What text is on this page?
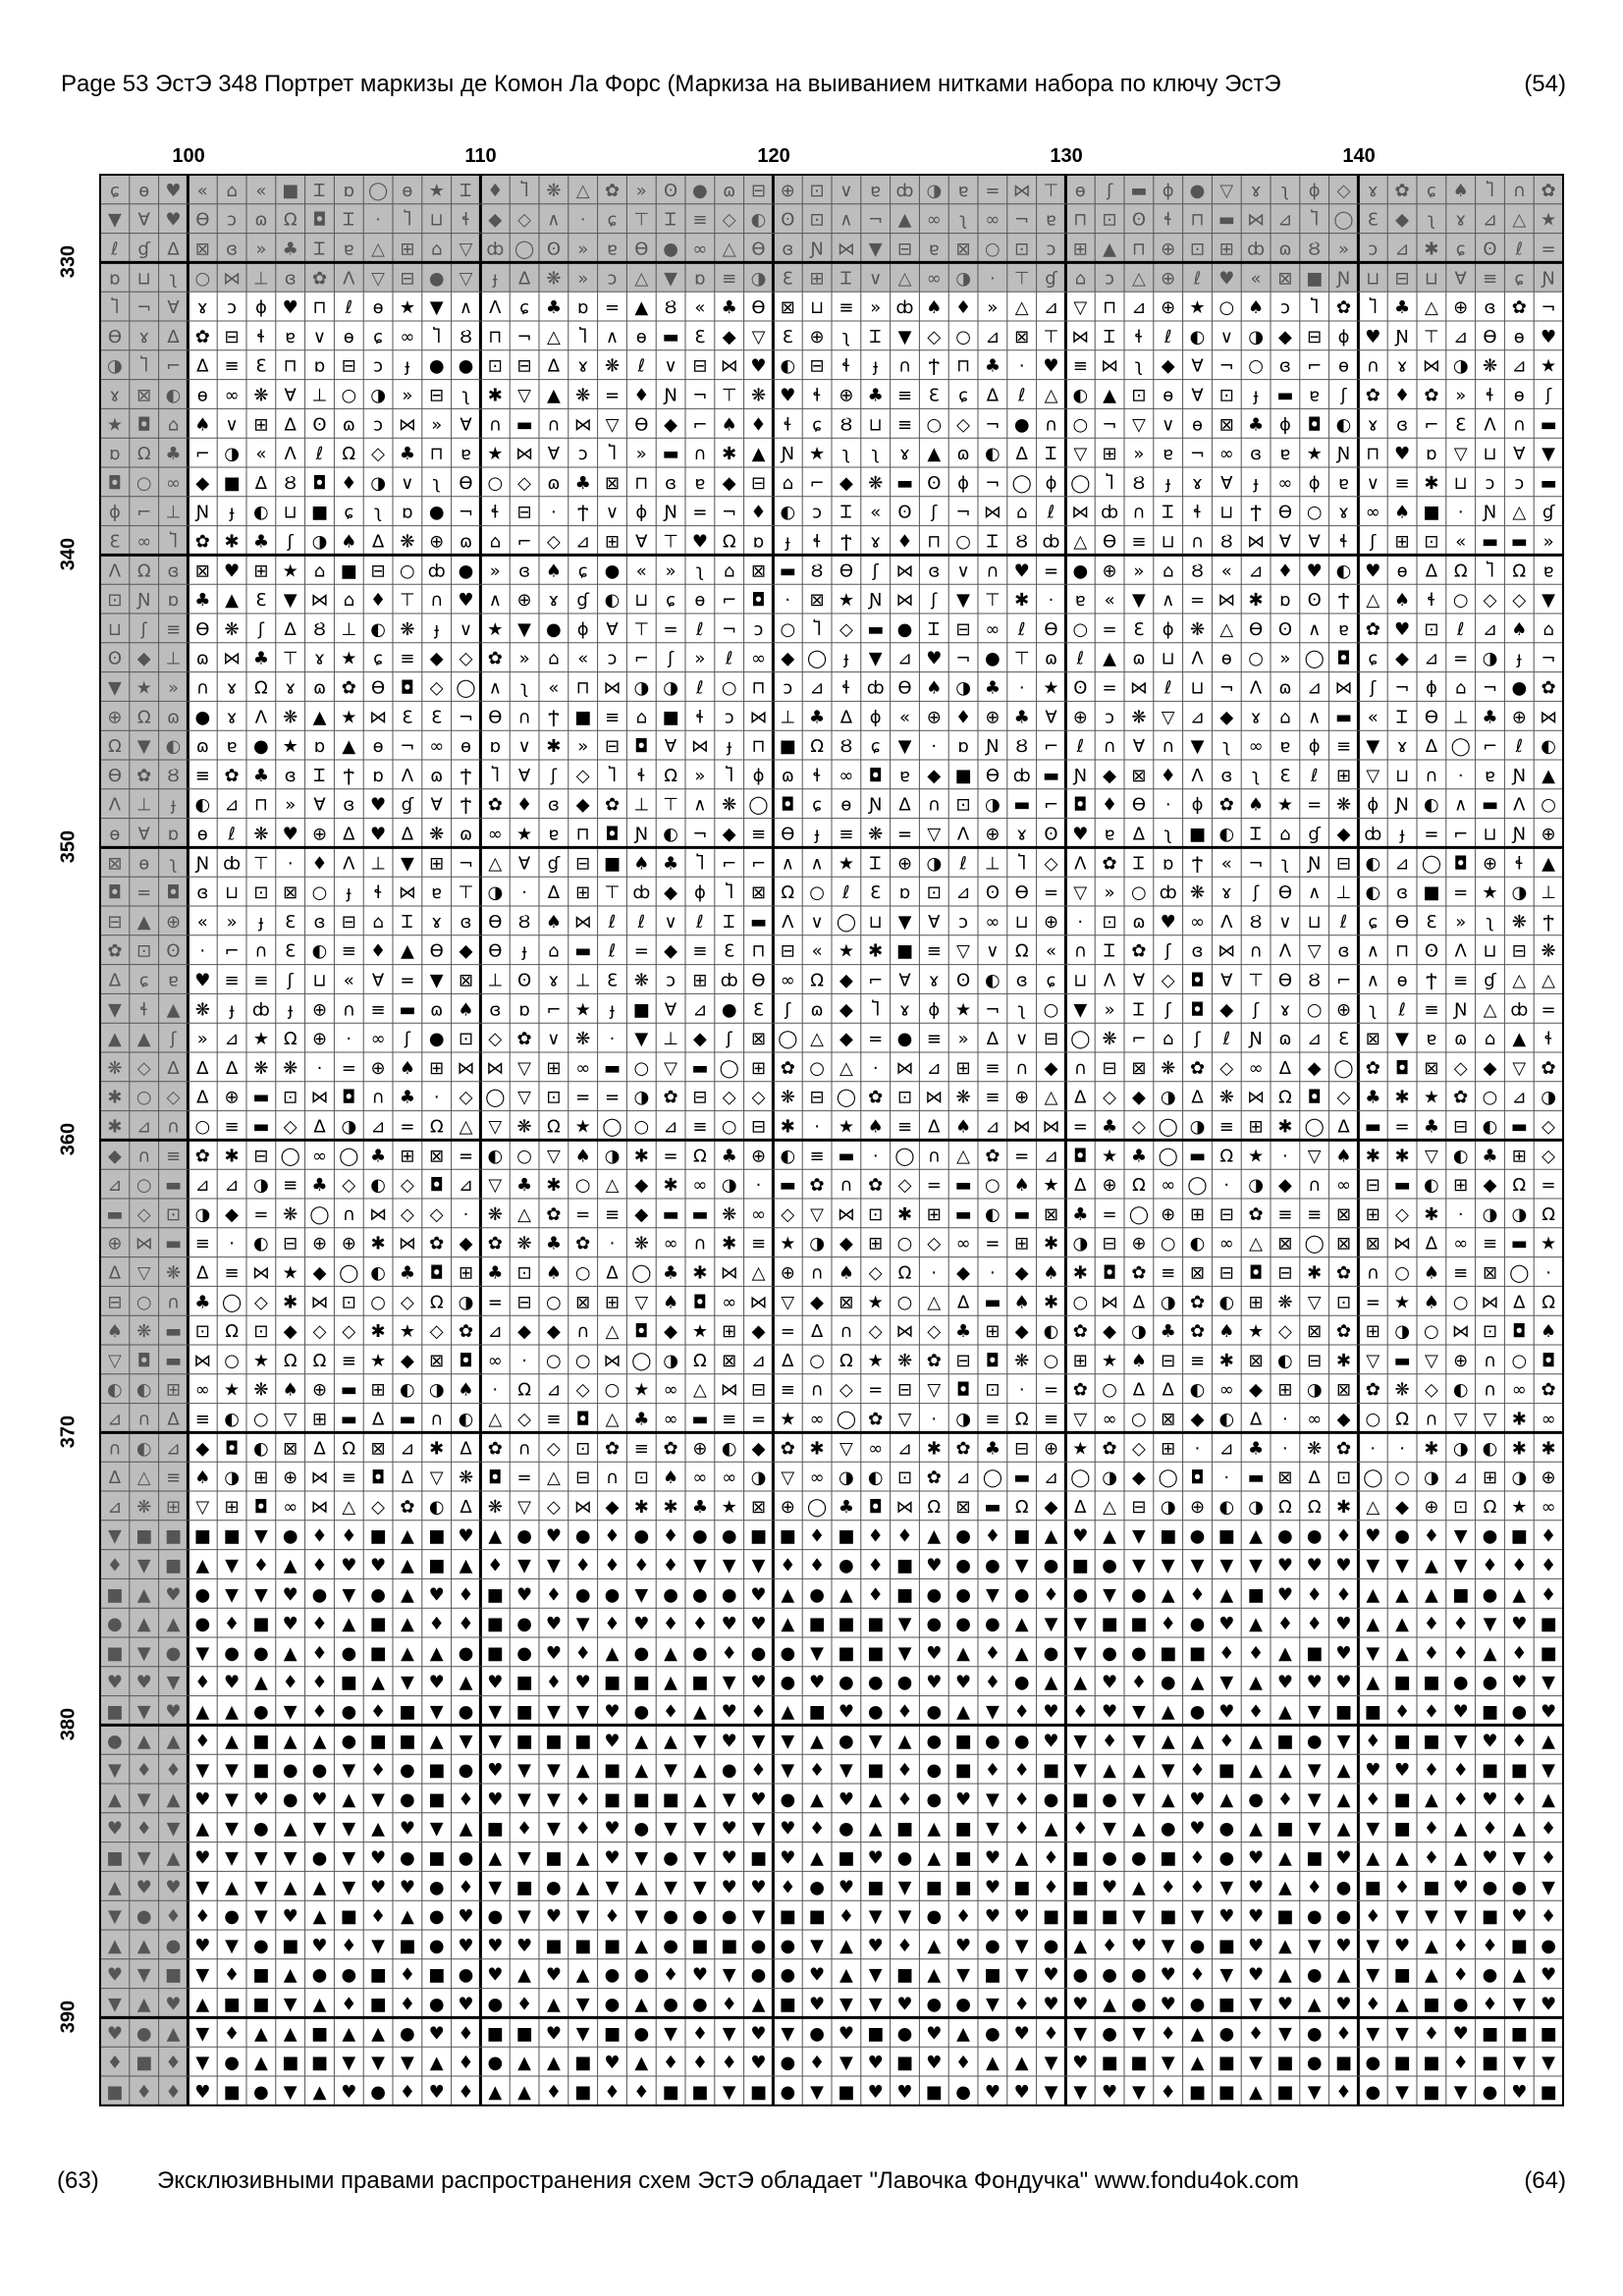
Page 53 ЭстЭ 348 Портрет маркизы де Комон Ла Форс (Маркиза на выиванием нитками набора по ключу ЭстЭ	(54)
100	110	120	130	140
330
340
350
360
370
380
390
ɕ ɵ ♥ « ⌂ « ■ Ꮖ ɒ ◯ ɵ ★ Ꮖ ♦ Ⴈ ❋ △ ✿ » ʘ ● ɷ ⊟ ⊕ ⊡ ∨ ɐ ȸ ◑ ɐ = ⋈ ⊤ ɵ ʃ ▬ ϕ ● ▽ ɤ ʅ ϕ ◇ ɤ ✿ ɕ ♠ Ⴈ ∩ ✿
▼ Ɐ ♥ Ɵ ɔ ɷ Ω ◘ Ꮖ · Ⴈ ⊔ ɬ ◆ ◇ ∧ · ɕ ⊤ Ꮖ ≡ ◇ ◐ ʘ ⊡ ∧ ¬ ▲ ∞ ʅ ∞ ¬ ɐ ⊓ ⊡ ʘ ɬ ⊓ ▬ ⋈ ⊿ Ⴈ ◯ Ɛ ◆ ʅ ɤ ⊿ △ ★
ℓ ɠ ∆ ⊠ ɞ » ♣ Ꮖ ɐ △ ⊞ ⌂ ▽ ȸ ◯ ʘ » ɐ Ɵ ● ∞ △ Ɵ ɞ Ɲ ⋈ ▼ ⊟ ɐ ⊠ ○ ⊡ ɔ ⊞ ▲ ⊓ ⊕ ⊡ ⊞ ȸ ɷ Ȣ » ɔ ⊿ ✱ ɕ ʘ ℓ =
ɒ ⊔ ʅ ○ ⋈ ⊥ ɞ ✿ Ʌ ▽ ⊟ ● ▽ ɟ ∆ ❋ » ɔ △ ▼ ɒ ≡ ◑ Ɛ ⊞ Ꮖ ∨ △ ∞ ◑ · ⊤ ɠ ⌂ ɔ △ ⊕ ℓ ♥ « ⊠ ■ Ɲ ⊔ ⊟ ⊔ Ɐ ≡ ɕ Ɲ
Ⴈ ¬ Ɐ ɤ ɔ ϕ ♥ ⊓ ℓ ɵ ★ ▼ ∧ Ʌ ɕ ♣ ɒ = ▲ Ȣ « ♣ Ɵ ⊠ ⊔ ≡ » ȸ ♠ ♦ » △ ⊿ ▽ ⊓ ⊿ ⊕ ★ ○ ♠ ɔ Ⴈ ✿ Ⴈ ♣ △ ⊕ ɞ ✿ ¬
Ɵ ɤ ∆ ✿ ⊟ ɬ ɐ ∨ ɵ ɕ ∞ Ⴈ Ȣ ⊓ ¬ △ Ⴈ ∧ ɵ ▬ Ɛ ◆ ▽ Ɛ ⊕ ʅ Ꮖ ▼ ◇ ○ ⊿ ⊠ ⊤ ⋈ Ꮖ ɬ ℓ ◐ ∨ ◑ ◆ ⊟ ϕ ♥ Ɲ ⊤ ⊿ Ɵ ɵ ♥
◑ Ⴈ ⌐ ∆ ≡ Ɛ ⊓ ɒ ⊟ ɔ ɟ ● ● ⊡ ⊟ ∆ ɤ ❋ ℓ ∨ ⊟ ⋈ ♥ ◐ ⊟ ɬ ɟ ∩ Ϯ ⊓ ♣ · ♥ ≡ ⋈ ʅ ◆ Ɐ ¬ ○ ɞ ⌐ ɵ ∩ ɤ ⋈ ◑ ❋ ⊿ ★
ɤ ⊠ ◐ ɵ ∞ ❋ Ɐ ⊥ ○ ◑ » ⊟ ʅ ✱ ▽ ▲ ❋ = ♦ Ɲ ¬ ⊤ ❋ ♥ ɬ ⊕ ♣ ≡ Ɛ ɕ ∆ ℓ △ ◐ ▲ ⊡ ɵ Ɐ ⊡ ɟ ▬ ɐ ʃ ✿ ♦ ✿ » ɬ ɵ ʃ
★ ◘ ⌂ ♠ ∨ ⊞ ∆ ʘ ɷ ɔ ⋈ » Ɐ ∩ ▬ ∩ ⋈ ▽ Ɵ ◆ ⌐ ♠ ♦ ɬ ɕ Ȣ ⊔ ≡ ○ ◇ ¬ ● ∩ ○ ¬ ▽ ∨ ɵ ⊠ ♣ ϕ ◘ ◐ ɤ ɞ ⌐ Ɛ Ʌ ∩ ▬
ɒ Ω ♣ ⌐ ◑ « Ʌ ℓ Ω ◇ ♣ ⊓ ɐ ★ ⋈ Ɐ ɔ Ⴈ » ▬ ∩ ✱ ▲ Ɲ ★ ʅ ʅ ɤ ▲ ɷ ◐ ∆ Ꮖ ▽ ⊞ » ɐ ¬ ∞ ɞ ɐ ★ Ɲ ⊓ ♥ ɒ ▽ ⊔ Ɐ ▼
◘ ○ ∞ ◆ ■ ∆ Ȣ ◘ ♦ ◑ ∨ ʅ Ɵ ○ ◇ ɷ ♣ ⊠ ⊓ ɞ ɐ ◆ ⊟ ⌂ ⌐ ◆ ❋ ▬ ʘ ϕ ¬ ◯ ϕ ◯ Ⴈ Ȣ ɟ ɤ Ɐ ɟ ∞ ϕ ɐ ∨ ≡ ✱ ⊔ ɔ ɔ ▬
ϕ ⌐ ⊥ Ɲ ɟ ◐ ⊔ ■ ɕ ʅ ɒ ● ¬ ɬ ⊟ · Ϯ ∨ ϕ Ɲ = ¬ ♦ ◐ ɔ Ꮖ « ʘ ʃ ¬ ⋈ ⌂ ℓ ⋈ ȸ ∩ Ꮖ ɬ ⊔ Ϯ Ɵ ○ ɤ ∞ ♠ ■ · Ɲ △ ɠ
Ɛ ∞ Ⴈ ✿ ✱ ♣ ʃ ◑ ♠ ∆ ❋ ⊕ ɷ ⌂ ⌐ ◇ ⊿ ⊞ Ɐ ⊤ ♥ Ω ɒ ɟ ɬ Ϯ ɤ ♦ ⊓ ○ Ꮖ Ȣ ȸ △ Ɵ ≡ ⊔ ∩ Ȣ ⋈ Ɐ Ɐ ɬ ʃ ⊞ ⊡ « ▬ ▬ »
Ʌ Ω ɞ ⊠ ♥ ⊞ ★ ⌂ ■ ⊟ ○ ȸ ● » ɞ ♠ ɕ ● « » ʅ ⌂ ⊠ ▬ Ȣ Ɵ ʃ ⋈ ɞ ∨ ∩ ♥ = ● ⊕ » ⌂ Ȣ « ⊿ ♦ ♥ ◐ ♥ ɵ ∆ Ω Ⴈ Ω ɐ
⊡ Ɲ ɒ ♣ ▲ Ɛ ▼ ⋈ ⌂ ♦ ⊤ ∩ ♥ ∧ ⊕ ɤ ɠ ◐ ⊔ ɕ ɵ ⌐ ◘ · ⊠ ★ Ɲ ⋈ ʃ ▼ ⊤ ✱ · ɐ « ▼ ∧ = ⋈ ✱ ɒ ʘ Ϯ △ ♠ ɬ ○ ◇ ◇ ▼
⊔ ʃ ≡ Ɵ ❋ ʃ ∆ Ȣ ⊥ ◐ ❋ ɟ ∨ ★ ▼ ● ϕ Ɐ ⊤ = ℓ ¬ ɔ ○ Ⴈ ◇ ▬ ● Ꮖ ⊟ ∞ ℓ Ɵ ○ = Ɛ ϕ ❋ △ Ɵ ʘ ∧ ɐ ✿ ♥ ⊡ ℓ ⊿ ♠ ⌂
ʘ ◆ ⊥ ɷ ⋈ ♣ ⊤ ɤ ★ ɕ ≡ ◆ ◇ ✿ » ⌂ « ɔ ⌐ ʃ » ℓ ∞ ◆ ◯ ɟ ▼ ⊿ ♥ ¬ ● ⊤ ɷ ℓ ▲ ɷ ⊔ Ʌ ɵ ○ » ◯ ◘ ɕ ◆ ⊿ = ◑ ɟ ¬
▼ ★ » ∩ ɤ Ω ɤ ɷ ✿ Ɵ ◘ ◇ ◯ ∧ ʅ « ⊓ ⋈ ◑ ◑ ℓ ○ ⊓ ɔ ⊿ ɬ ȸ Ɵ ♠ ◑ ♣ · ★ ʘ = ⋈ ℓ ⊔ ¬ Ʌ ɷ ⊿ ⋈ ʃ ¬ ϕ ⌂ ¬ ● ✿
⊕ Ω ɷ ● ɤ Ʌ ❋ ▲ ★ ⋈ Ɛ Ɛ ¬ Ɵ ∩ Ϯ ■ ≡ ⌂ ■ ɬ ɔ ⋈ ⊥ ♣ ∆ ϕ « ⊕ ♦ ⊕ ♣ Ɐ ⊕ ɔ ❋ ▽ ⊿ ◆ ɤ ⌂ ∧ ▬ « Ꮖ Ɵ ⊥ ♣ ⊕ ⋈
Ω ▼ ◐ ɷ ɐ ● ★ ɒ ▲ ɵ ¬ ∞ ɵ ɒ ∨ ✱ » ⊟ ◘ Ɐ ⋈ ɟ ⊓ ■ Ω Ȣ ɕ ▼ · ɒ Ɲ Ȣ ⌐ ℓ ∩ Ɐ ∩ ▼ ʅ ∞ ɐ ϕ ≡ ▼ ɤ ∆ ◯ ⌐ ℓ ◐
Ɵ ✿ Ȣ ≡ ✿ ♣ ɞ Ꮖ Ϯ ɒ Ʌ ɷ Ϯ Ⴈ Ɐ ʃ ◇ Ⴈ ɬ Ω » Ⴈ ϕ ɷ ɬ ∞ ◘ ɐ ◆ ■ Ɵ ȸ ▬ Ɲ ◆ ⊠ ♦ Ʌ ɞ ʅ Ɛ ℓ ⊞ ▽ ⊔ ∩ · ɐ Ɲ ▲
Ʌ ⊥ ɟ ◐ ⊿ ⊓ » Ɐ ɞ ♥ ɠ Ɐ Ϯ ✿ ♦ ɞ ◆ ✿ ⊥ ⊤ ∧ ❋ ◯ ◘ ɕ ɵ Ɲ ∆ ∩ ⊡ ◑ ▬ ⌐ ◘ ♦ Ɵ · ϕ ✿ ♠ ★ = ❋ ϕ Ɲ ◐ ∧ ▬ Ʌ ○
ɵ Ɐ ɒ ɵ ℓ ❋ ♥ ⊕ ∆ ♥ ∆ ❋ ɷ ∞ ★ ɐ ⊓ ◘ Ɲ ◐ ¬ ◆ ≡ Ɵ ɟ ≡ ❋ = ▽ Ʌ ⊕ ɤ ʘ ♥ ɐ ∆ ʅ ■ ◐ Ꮖ ⌂ ɠ ◆ ȸ ɟ = ⌐ ⊔ Ɲ ⊕
⊠ ɵ ʅ Ɲ ȸ ⊤ · ♦ Ʌ ⊥ ▼ ⊞ ¬ △ Ɐ ɠ ⊟ ■ ♠ ♣ Ⴈ ⌐ ⌐ ∧ ∧ ★ Ꮖ ⊕ ◑ ℓ ⊥ Ⴈ ◇ Ʌ ✿ Ꮖ ɒ Ϯ « ¬ ʅ Ɲ ⊟ ◐ ⊿ ◯ ◘ ⊕ ɬ ▲
◘ = ◘ ɞ ⊔ ⊡ ⊠ ○ ɟ ɬ ⋈ ɐ ⊤ ◑ · ∆ ⊞ ⊤ ȸ ◆ ϕ Ⴈ ⊠ Ω ○ ℓ Ɛ ɒ ⊡ ⊿ ʘ Ɵ = ▽ » ○ ȸ ❋ ɤ ʃ Ɵ ∧ ⊥ ◐ ɞ ■ = ★ ◑ ⊥
⊟ ▲ ⊕ « » ɟ Ɛ ɞ ⊟ ⌂ Ꮖ ɤ ɞ Ɵ Ȣ ♠ ⋈ ℓ ℓ ∨ ℓ Ꮖ ▬ Ʌ ∨ ◯ ⊔ ▼ Ɐ ɔ ∞ ⊔ ⊕ · ⊡ ɷ ♥ ∞ Ʌ Ȣ ∨ ⊔ ℓ ɕ Ɵ Ɛ » ʅ ❋ Ϯ
✿ ⊡ ʘ · ⌐ ∩ Ɛ ◐ ≡ ♦ ▲ Ɵ ◆ Ɵ ɟ ⌂ ▬ ℓ = ◆ ≡ Ɛ ⊓ ⊟ « ★ ✱ ■ ≡ ▽ ∨ Ω « ∩ Ꮖ ✿ ʃ ɞ ⋈ ∩ Ʌ ▽ ɞ ∧ ⊓ ʘ Ʌ ⊔ ⊟ ❋
∆ ɕ ɐ ♥ ≡ ≡ ʃ ⊔ « Ɐ = ▼ ⊠ ⊥ ʘ ɤ ⊥ Ɛ ❋ ɔ ⊞ ȸ Ɵ ∞ Ω ◆ ⌐ Ɐ ɤ ʘ ◐ ɞ ɕ ⊔ Ʌ Ɐ ◇ ◘ Ɐ ⊤ Ɵ Ȣ ⌐ ∧ ɵ Ϯ ≡ ɠ △ △
▼ ɬ ▲ ❋ ɟ ȸ ɟ ⊕ ∩ ≡ ▬ ɷ ♠ ɞ ɒ ⌐ ★ ɟ ■ Ɐ ⊿ ● Ɛ ʃ ɷ ◆ Ⴈ ɤ ϕ ★ ¬ ʅ ○ ▼ » Ꮖ ʃ ◘ ◆ ʃ ɤ ○ ⊕ ʅ ℓ ≡ Ɲ △ ȸ =
▲ ▲ ʃ » ⊿ ★ Ω ⊕ · ∞ ʃ ● ⊡ ◇ ✿ ∨ ❋ · ▼ ⊥ ◆ ʃ ⊠ ◯ △ ◆ = ● ≡ » ∆ ∨ ⊟ ◯ ❋ ⌐ ⌂ ʃ ℓ Ɲ ɷ ⊿ Ɛ ⊠ ▼ ɐ ɷ ⌂ ▲ ɬ
❋ ◇ ∆ ∆ ∆ ❋ ❋ · = ⊕ ♠ ⊞ ⋈ ⋈ ▽ ⊞ ∞ ▬ ○ ▽ ▬ ◯ ⊞ ✿ ○ △ · ⋈ ⊿ ⊞ ≡ ∩ ◆ ∩ ⊟ ⊠ ❋ ✿ ◇ ∞ ∆ ◆ ◯ ✿ ◘ ⊠ ◇ ◆ ▽ ✿
✱ ○ ◇ ∆ ⊕ ▬ ⊡ ⋈ ◘ ∩ ♣ · ◇ ◯ ▽ ⊡ = = ◑ ✿ ⊟ ◇ ◇ ❋ ⊟ ◯ ✿ ⊡ ⋈ ❋ ≡ ⊕ △ ∆ ◇ ◆ ◑ ∆ ❋ ⋈ Ω ◘ ◇ ♣ ✱ ★ ✿ ○ ⊿ ◑
✱ ⊿ ∩ ○ ≡ ▬ ◇ ∆ ◑ ⊿ = Ω △ ▽ ❋ Ω ★ ◯ ○ ⊿ ≡ ○ ⊟ ✱ · ★ ♠ ≡ ∆ ♠ ⊿ ⋈ ⋈ = ♣ ◇ ◯ ◑ ≡ ⊞ ✱ ◯ ∆ ▬ = ♣ ⊟ ◐ ▬ ◇
◆ ∩ ≡ ✿ ✱ ⊟ ◯ ∞ ◯ ♣ ⊞ ⊠ = ◐ ○ ▽ ♠ ◑ ✱ = Ω ♣ ⊕ ◐ ≡ ▬ · ◯ ∩ △ ✿ = ⊿ ◘ ★ ♣ ◯ ▬ Ω ★ · ▽ ♠ ✱ ✱ ▽ ◐ ♣ ⊞ ◇
⊿ ○ ▬ ⊿ ⊿ ◑ ≡ ♣ ◇ ◐ ◇ ◘ ⊿ ▽ ♣ ✱ ○ △ ◆ ✱ ∞ ◑ · ▬ ✿ ∩ ✿ ◇ = ▬ ○ ♠ ★ ∆ ⊕ Ω ∞ ◯ · ◑ ◆ ∩ ∞ ⊟ ▬ ◐ ⊞ ◆ Ω =
▬ ◇ ⊡ ◑ ◆ = ❋ ◯ ∩ ⋈ ◇ ◇ · ❋ △ ✿ = ≡ ◆ ▬ ▬ ❋ ∞ ◇ ▽ ⋈ ⊡ ✱ ⊞ ▬ ◐ ▬ ⊠ ♣ = ◯ ⊕ ⊞ ⊟ ✿ ≡ ≡ ⊠ ⊞ ◇ ✱ · ◑ ◑ Ω
⊕ ⋈ ▬ ≡ · ◐ ⊟ ⊕ ⊕ ✱ ⋈ ✿ ◆ ✿ ❋ ♣ ✿ · ❋ ∞ ∩ ✱ ≡ ★ ◑ ◆ ⊞ ○ ◇ ∞ = ⊞ ✱ ◑ ⊟ ⊕ ○ ◐ ∞ △ ⊠ ◯ ⊠ ⊠ ⋈ ∆ ∞ ≡ ▬ ★
∆ ▽ ❋ ∆ ≡ ⋈ ★ ◆ ◯ ◐ ♣ ◘ ⊞ ♣ ⊡ ♠ ○ ∆ ◯ ♣ ✱ ⋈ △ ⊕ ∩ ♠ ◇ Ω · ◆ · ◆ ♠ ✱ ◘ ✿ ≡ ⊠ ⊟ ◘ ⊟ ✱ ✿ ∩ ○ ♠ ≡ ⊠ ◯ ·
⊟ ○ ∩ ♣ ◯ ◇ ✱ ⋈ ⊡ ○ ◇ Ω ◑ = ⊟ ○ ⊠ ⊞ ▽ ♠ ◘ ∞ ⋈ ▽ ◆ ⊠ ★ ○ △ ∆ ▬ ♠ ✱ ○ ⋈ ∆ ◑ ✿ ◐ ⊞ ❋ ▽ ⊡ = ★ ♠ ○ ⋈ ∆ Ω
♠ ❋ ▬ ⊡ Ω ⊡ ◆ ◇ ◇ ✱ ★ ◇ ✿ ⊿ ◆ ◆ ∩ △ ◘ ◆ ★ ⊞ ◆ = ∆ ∩ ◇ ⋈ ◇ ♣ ⊞ ◆ ◐ ✿ ◆ ◑ ♣ ✿ ♠ ★ ◇ ⊠ ✿ ⊞ ◑ ○ ⋈ ⊡ ◘ ♠
▽ ◘ ▬ ⋈ ○ ★ Ω Ω ≡ ★ ◆ ⊠ ◘ ∞ · ○ ○ ⋈ ◯ ◑ Ω ⊠ ⊿ ∆ ○ Ω ★ ❋ ✿ ⊟ ◘ ❋ ○ ⊞ ★ ♠ ⊟ ≡ ✱ ⊠ ◐ ⊟ ✱ ▽ ▬ ▽ ⊕ ∩ ○ ◘
◐ ◐ ⊞ ∞ ★ ❋ ♠ ⊕ ▬ ⊞ ◐ ◑ ♠ · Ω ⊿ ◇ ○ ★ ∞ △ ⋈ ⊟ ≡ ∩ ◇ = ⊟ ▽ ◘ ⊡ · = ✿ ○ ∆ ∆ ◐ ∞ ◆ ⊞ ◑ ⊠ ✿ ❋ ◇ ◐ ∩ ∞ ✿
⊿ ∩ ∆ ≡ ◐ ○ ▽ ⊞ ▬ ∆ ▬ ∩ ◐ △ ◇ ≡ ◘ △ ♣ ∞ ▬ ≡ = ★ ∞ ◯ ✿ ▽ · ◑ ≡ Ω ≡ ▽ ∞ ○ ⊠ ◆ ◐ ∆ · ∞ ◆ ○ Ω ∩ ▽ ▽ ✱ ∞
∩ ◐ ⊿ ◆ ◘ ◐ ⊠ ∆ Ω ⊠ ⊿ ✱ ∆ ✿ ∩ ◇ ⊡ ✿ ≡ ✿ ⊕ ◐ ◆ ✿ ✱ ▽ ∞ ⊿ ✱ ✿ ♣ ⊟ ⊕ ★ ✿ ◇ ⊞ · ⊿ ♣ · ❋ ✿ · · ✱ ◑ ◐ ✱ ✱
∆ △ ≡ ♠ ◑ ⊞ ⊕ ⋈ ≡ ◘ ∆ ▽ ❋ ◘ = △ ⊟ ∩ ⊡ ♠ ∞ ∞ ◑ ▽ ∞ ◑ ◐ ⊡ ✿ ⊿ ◯ ▬ ⊿ ◯ ◑ ◆ ◯ ◘ · ▬ ⊠ ∆ ⊡ ◯ ○ ◑ ⊿ ⊞ ◑ ⊕
⊿ ❋ ⊞ ▽ ⊞ ◘ ∞ ⋈ △ ◇ ✿ ◐ ∆ ❋ ▽ ◇ ⋈ ◆ ✱ ✱ ♣ ★ ⊠ ⊕ ◯ ♣ ◘ ⋈ Ω ⊠ ▬ Ω ◆ ∆ △ ⊟ ◑ ⊕ ◐ ◑ Ω Ω ✱ △ ◆ ⊕ ⊡ Ω ★ ∞
▼ ■ ■ ■ ■ ▼ ● ♦ ♦ ■ ▲ ■ ♥ ▲ ● ♥ ● ♦ ● ♦ ● ● ■ ■ ♦ ■ ♦ ♦ ▲ ● ♦ ■ ▲ ♥ ▲ ▼ ■ ● ■ ▲ ● ● ♦ ♥ ● ♦ ▼ ● ■ ♦
♦ ▼ ■ ▲ ▼ ♦ ▲ ♦ ♥ ♥ ▲ ■ ▲ ♦ ▼ ▼ ♦ ♦ ♦ ♦ ▼ ▼ ▼ ♦ ♦ ● ♦ ■ ♥ ● ● ▼ ● ■ ● ▼ ▼ ▼ ▼ ▼ ♥ ♥ ♥ ▼ ▼ ▲ ▼ ♦ ♦ ♦
■ ▲ ♥ ● ▼ ▼ ♥ ● ▼ ● ▲ ♥ ♦ ■ ♥ ♦ ● ● ▼ ● ● ● ♥ ▲ ● ▲ ♦ ■ ● ● ▼ ● ♦ ● ▼ ● ▲ ♦ ▲ ■ ♥ ♦ ♦ ▲ ▲ ▲ ■ ● ▲ ♦
● ▲ ▲ ● ♦ ■ ♥ ♦ ▲ ■ ▲ ♦ ♦ ■ ● ♥ ▼ ♦ ♥ ♦ ♦ ♥ ♥ ▲ ■ ■ ■ ▼ ● ● ● ▲ ▼ ▼ ■ ■ ♦ ● ♥ ▲ ♦ ♦ ♥ ▲ ▲ ♦ ♦ ▼ ♥ ■
■ ▼ ● ▼ ● ● ▲ ♦ ● ■ ▲ ▲ ● ■ ● ♥ ♦ ▲ ● ▲ ● ♦ ● ● ▼ ■ ■ ▼ ♥ ▲ ♦ ▲ ● ▼ ● ● ■ ■ ♦ ♦ ▲ ■ ♥ ▼ ▲ ♦ ♦ ▲ ♦ ■
♥ ♥ ▼ ♦ ♥ ▲ ♦ ♦ ■ ▲ ▼ ♥ ▲ ♥ ■ ♦ ♥ ■ ■ ▲ ■ ▼ ♥ ● ♥ ● ● ● ♥ ♥ ♦ ● ▲ ▲ ♥ ♦ ● ▲ ▼ ▲ ♥ ♥ ♥ ▲ ■ ■ ● ● ♥ ▼
■ ▼ ♥ ▲ ▲ ● ▼ ♦ ● ♦ ■ ▼ ● ▼ ■ ▼ ▼ ♥ ● ♦ ▲ ♥ ♦ ▲ ■ ♥ ● ♦ ● ▲ ▼ ♦ ♥ ♦ ♥ ▼ ▲ ● ♥ ♦ ▲ ▼ ■ ■ ♦ ♦ ♥ ■ ● ♥
● ▲ ▲ ♦ ▲ ■ ▲ ▲ ● ■ ■ ▲ ▼ ▼ ■ ■ ■ ♥ ▲ ▲ ▼ ♥ ▼ ▼ ▲ ● ▼ ▲ ● ■ ● ● ♥ ▼ ♦ ▼ ▲ ▲ ♦ ▲ ■ ● ▼ ♦ ■ ■ ▼ ♥ ♦ ▲
▼ ♦ ♦ ▼ ▼ ■ ● ● ▼ ♦ ● ■ ● ♥ ▼ ▼ ▲ ■ ▲ ▼ ▲ ● ♦ ▼ ♦ ▼ ■ ♦ ● ■ ♦ ♦ ■ ▼ ▲ ▲ ▼ ♦ ■ ▲ ▲ ▼ ▲ ♥ ♥ ♦ ♦ ■ ■ ▼
▲ ▼ ▲ ♥ ▼ ♥ ● ♥ ▲ ▼ ● ■ ♦ ♥ ▼ ▼ ♦ ■ ■ ■ ▲ ▼ ♥ ● ▲ ♥ ▲ ♦ ● ♥ ▼ ♦ ● ■ ● ▼ ▲ ♥ ▲ ● ♦ ▼ ▲ ♦ ■ ▲ ♦ ♥ ♦ ▲
♥ ♦ ▼ ▲ ▼ ● ▲ ▼ ▼ ▲ ♥ ▼ ▲ ■ ♦ ▼ ♦ ♥ ● ▼ ▼ ♥ ▼ ♥ ♦ ● ▲ ■ ▲ ■ ▼ ♦ ▲ ♦ ▼ ▲ ● ♥ ● ▲ ■ ▼ ▲ ▼ ■ ♦ ▲ ♦ ▲ ♦
■ ▼ ▲ ♥ ▼ ▼ ▼ ● ▼ ♥ ● ■ ● ▲ ▼ ■ ▲ ♥ ▼ ● ▼ ♥ ■ ♥ ▲ ■ ♥ ● ▲ ■ ♥ ▲ ♦ ■ ● ● ■ ♦ ● ♥ ▲ ■ ♥ ▲ ▲ ♦ ▲ ♥ ▼ ♦
▲ ♥ ♥ ▼ ▲ ▼ ▲ ▲ ▼ ♥ ♥ ● ♦ ▼ ■ ● ▲ ▼ ▲ ▼ ▼ ♥ ♥ ♦ ● ♥ ■ ▼ ■ ■ ♥ ■ ♦ ■ ♥ ▲ ♦ ♦ ▼ ♥ ▲ ♦ ● ■ ♦ ■ ♥ ● ● ▼
▼ ● ♦ ♦ ● ▼ ♥ ▲ ■ ♦ ▲ ● ♥ ● ▼ ♥ ▼ ♦ ▼ ● ● ● ▼ ■ ■ ♦ ▼ ▼ ● ♦ ♥ ♥ ■ ■ ■ ▼ ■ ▼ ♥ ♥ ■ ● ● ♦ ▼ ▼ ▼ ■ ♥ ♦
▲ ▲ ● ♥ ▼ ● ■ ♥ ♦ ▼ ■ ● ♥ ♥ ♥ ■ ■ ■ ▲ ● ■ ■ ● ● ▼ ▲ ♥ ♦ ▲ ♥ ● ▼ ● ▲ ♦ ♥ ▼ ● ■ ♥ ▲ ▼ ♥ ▼ ♥ ▲ ♦ ♦ ■ ●
♥ ▼ ■ ▼ ♦ ■ ▲ ● ● ■ ♦ ■ ● ♥ ▲ ♥ ▲ ● ● ♦ ♥ ▼ ● ● ♥ ▲ ▼ ■ ▲ ▼ ■ ▼ ♥ ● ● ● ♥ ♦ ▼ ♥ ▲ ● ▲ ▼ ■ ▲ ♦ ● ▲ ♥
▼ ▲ ♥ ▲ ■ ■ ▼ ▲ ♦ ■ ♦ ● ♥ ● ♦ ▲ ▼ ● ▲ ● ● ♦ ▲ ■ ♥ ▼ ▼ ♥ ● ● ▼ ♦ ♥ ♥ ▲ ● ♥ ● ■ ▼ ♥ ▲ ♥ ♦ ▲ ■ ● ♦ ▼ ♥
♥ ● ▲ ▼ ♦ ▲ ▲ ■ ▲ ▲ ● ♥ ♦ ■ ■ ♥ ▼ ■ ● ▼ ♦ ▼ ♥ ▼ ● ♥ ■ ● ♥ ▲ ● ♥ ♦ ▼ ● ▼ ♦ ▲ ● ♦ ▼ ● ♦ ▼ ▼ ♦ ♥ ■ ■ ■
♦ ■ ♦ ▼ ● ▲ ■ ■ ▼ ▼ ▼ ▲ ♦ ● ▲ ▲ ■ ♥ ▲ ♦ ♦ ♦ ♥ ● ♦ ▼ ♥ ■ ♥ ♦ ▲ ▲ ▼ ♥ ■ ■ ▼ ▲ ■ ▼ ■ ● ■ ● ■ ■ ♦ ■ ▼ ▼
■ ♦ ♦ ♥ ■ ● ▼ ▲ ♥ ● ♦ ♥ ♦ ▲ ▲ ♦ ■ ♦ ♦ ■ ■ ▼ ■ ● ▼ ■ ♥ ♥ ■ ● ♥ ♥ ▼ ▼ ♥ ▼ ♦ ■ ■ ▲ ■ ▼ ♦ ● ▼ ■ ▼ ● ♥ ■
(63) Эксклюзивными правами распространения схем ЭстЭ обладает "Лавочка Фондучка" www.fondu4ok.com	(64)
